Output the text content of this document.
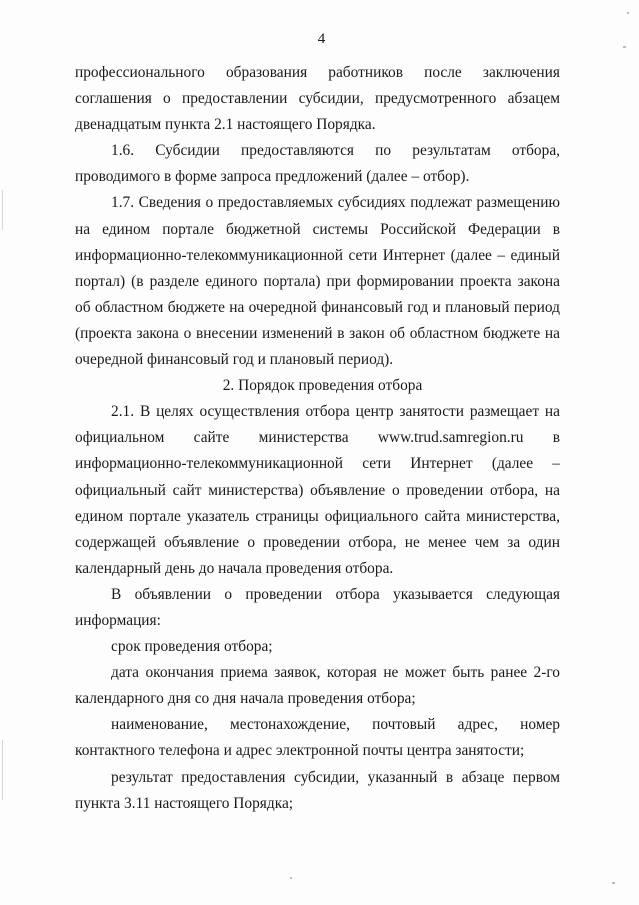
4

профессионального образования работников после заключения соглашения о предоставлении субсидии, предусмотренного абзацем двенадцатым пункта 2.1 настоящего Порядка.

1.6. Субсидии предоставляются по результатам отбора, проводимого в форме запроса предложений (далее – отбор).

1.7. Сведения о предоставляемых субсидиях подлежат размещению на едином портале бюджетной системы Российской Федерации в информационно-телекоммуникационной сети Интернет (далее – единый портал) (в разделе единого портала) при формировании проекта закона об областном бюджете на очередной финансовый год и плановый период (проекта закона о внесении изменений в закон об областном бюджете на очередной финансовый год и плановый период).

2. Порядок проведения отбора

2.1. В целях осуществления отбора центр занятости размещает на официальном сайте министерства www.trud.samregion.ru в информационно-телекоммуникационной сети Интернет (далее – официальный сайт министерства) объявление о проведении отбора, на едином портале указатель страницы официального сайта министерства, содержащей объявление о проведении отбора, не менее чем за один календарный день до начала проведения отбора.

В объявлении о проведении отбора указывается следующая информация:

срок проведения отбора;

дата окончания приема заявок, которая не может быть ранее 2-го календарного дня со дня начала проведения отбора;

наименование, местонахождение, почтовый адрес, номер контактного телефона и адрес электронной почты центра занятости;

результат предоставления субсидии, указанный в абзаце первом пункта 3.11 настоящего Порядка;
